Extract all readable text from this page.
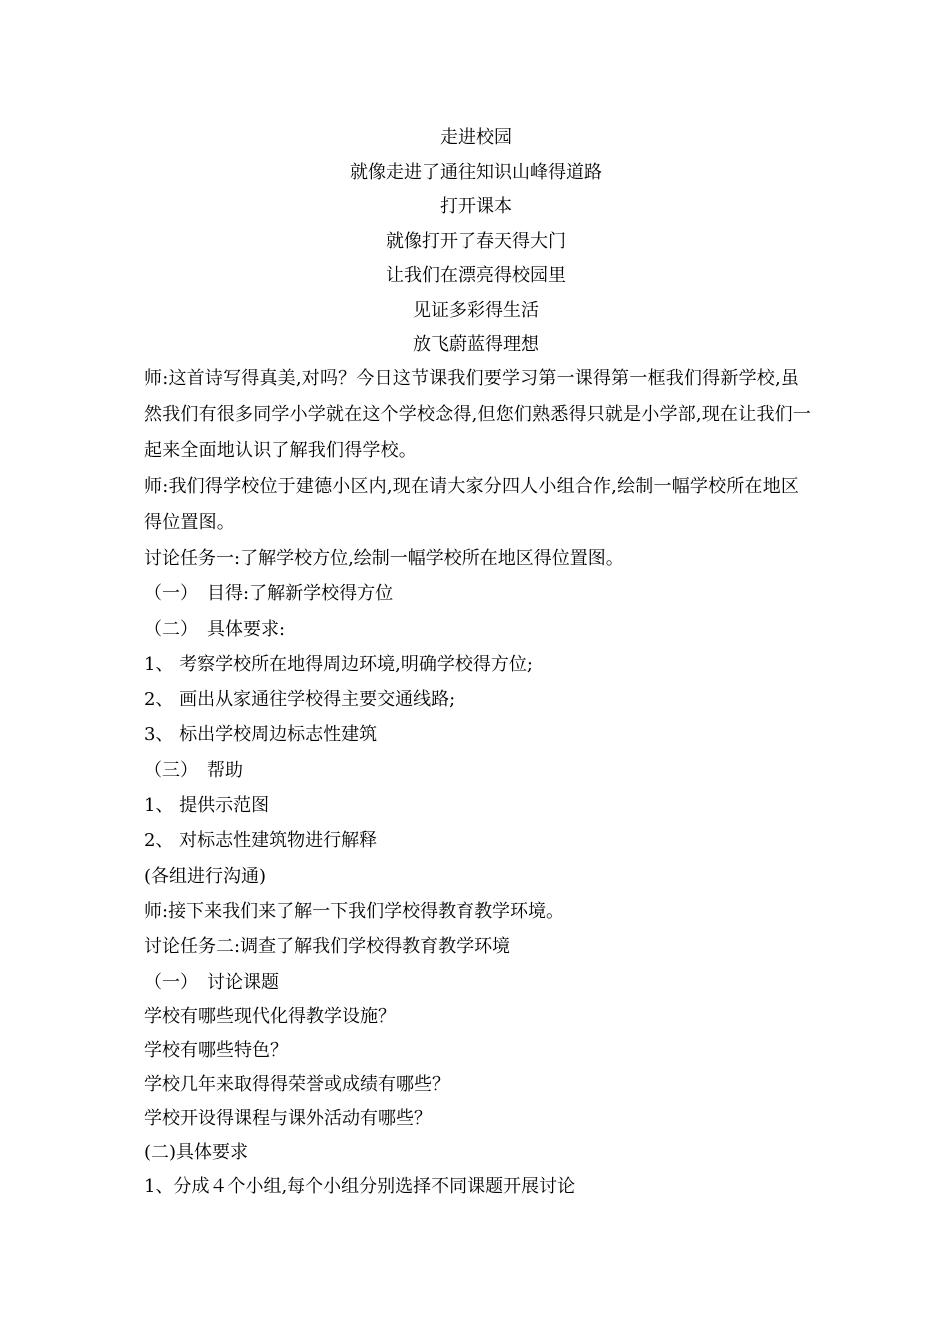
走进校园
就像走进了通往知识山峰得道路
打开课本
就像打开了春天得大门
让我们在漂亮得校园里
见证多彩得生活
放飞蔚蓝得理想
师:这首诗写得真美,对吗？今日这节课我们要学习第一课得第一框我们得新学校,虽然我们有很多同学小学就在这个学校念得,但您们熟悉得只就是小学部,现在让我们一起来全面地认识了解我们得学校。
师:我们得学校位于建德小区内,现在请大家分四人小组合作,绘制一幅学校所在地区得位置图。
讨论任务一:了解学校方位,绘制一幅学校所在地区得位置图。
（一）　目得:了解新学校得方位
（二）　具体要求:
1、 考察学校所在地得周边环境,明确学校得方位;
2、 画出从家通往学校得主要交通线路;
3、 标出学校周边标志性建筑
（三）　帮助
1、 提供示范图
2、 对标志性建筑物进行解释
(各组进行沟通)
师:接下来我们来了解一下我们学校得教育教学环境。
讨论任务二:调查了解我们学校得教育教学环境
（一）　讨论课题
学校有哪些现代化得教学设施？
学校有哪些特色？
学校几年来取得得荣誉或成绩有哪些？
学校开设得课程与课外活动有哪些？
(二)具体要求
1、分成４个小组,每个小组分别选择不同课题开展讨论
